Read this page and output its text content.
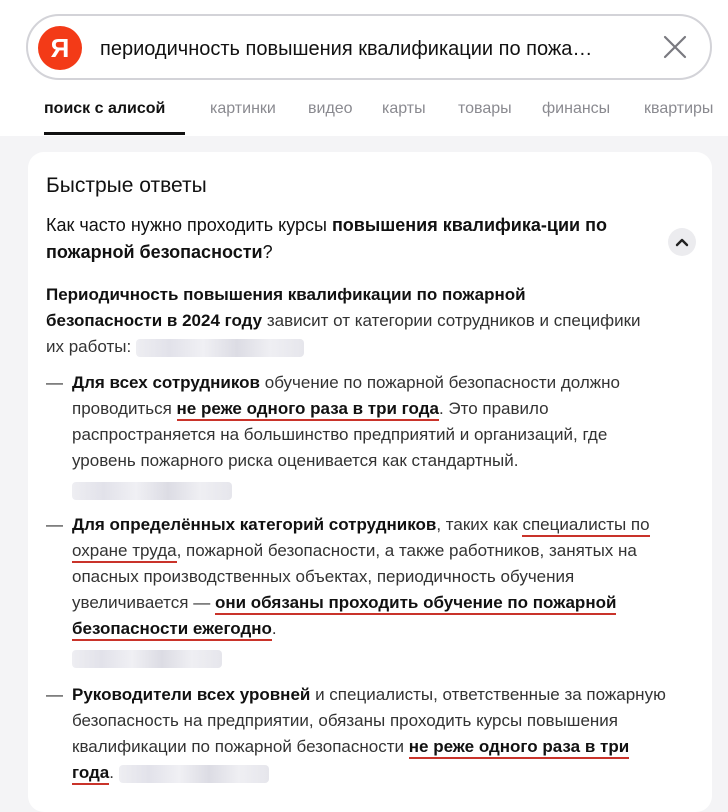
Я	периодичность повышения квалификации по пожа…
поиск с алисой	картинки видео карты товары финансы квартиры
Быстрые ответы
Как часто нужно проходить курсы повышения квалифика-ции по пожарной безопасности?
Периодичность повышения квалификации по пожарной безопасности в 2024 году зависит от категории сотрудников и специфики их работы:
— Для всех сотрудников обучение по пожарной безопасности должно проводиться не реже одного раза в три года. Это правило распространяется на большинство предприятий и организаций, где уровень пожарного риска оценивается как стандартный.

— Для определённых категорий сотрудников, таких как специалисты по охране труда, пожарной безопасности, а также работников, занятых на опасных производственных объектах, периодичность обучения увеличивается — они обязаны проходить обучение по пожарной безопасности ежегодно.

— Руководители всех уровней и специалисты, ответственные за пожарную безопасность на предприятии, обязаны проходить курсы повышения квалификации по пожарной безопасности не реже одного раза в три года.
